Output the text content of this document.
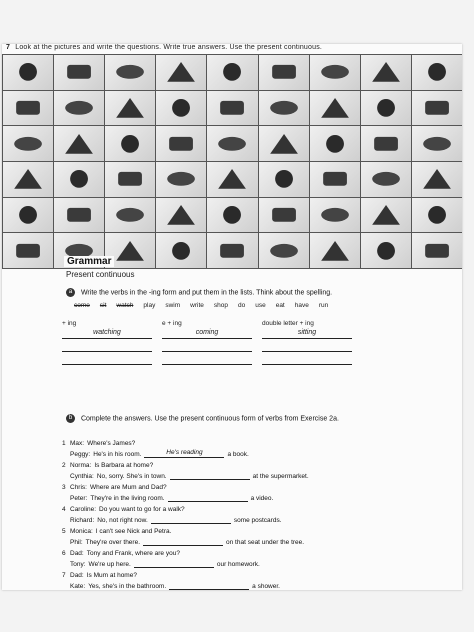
7 Look at the pictures and write the questions. Write true answers. Use the present continuous.
Grammar
Present continuous
a Write the verbs in the -ing form and put them in the lists. Think about the spelling.
come sit watch play swim write shop do use eat have run
+ ing
watching
e + ing
coming
double letter + ing
sitting
b Complete the answers. Use the present continuous form of verbs from Exercise 2a.
1 Max: Where's James?
Peggy: He's in his room.	He's reading	a book.
2 Norma: Is Barbara at home?
Cynthia: No, sorry. She's in town.	at the supermarket.
3 Chris: Where are Mum and Dad?
Peter: They're in the living room.	a video.
4 Caroline: Do you want to go for a walk?
Richard: No, not right now.	some postcards.
5 Monica: I can't see Nick and Petra.
Phil: They're over there.	on that seat under the tree.
6 Dad: Tony and Frank, where are you?
Tony: We're up here.	our homework.
7 Dad: Is Mum at home?
Kate: Yes, she's in the bathroom.	a shower.
